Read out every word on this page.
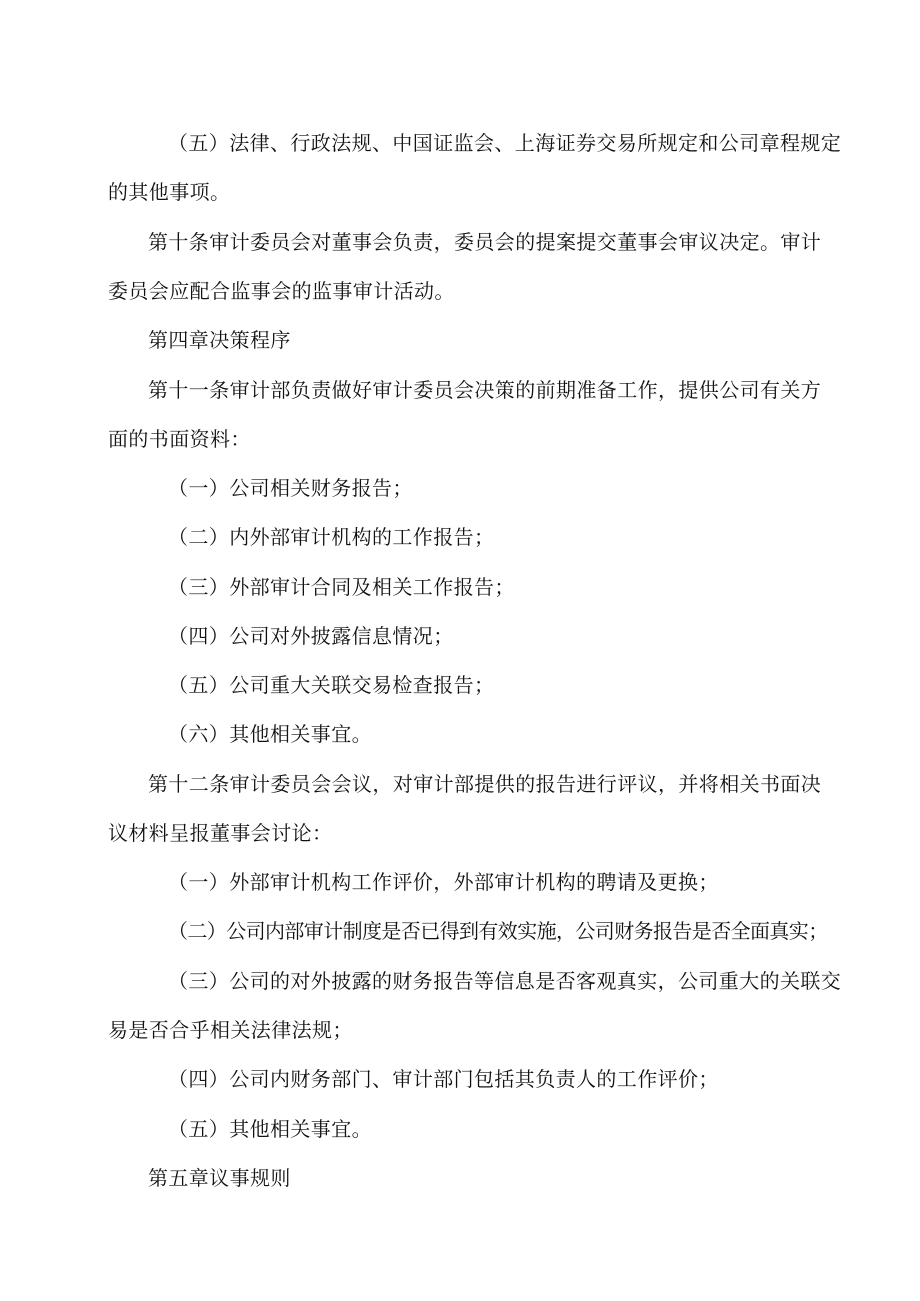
（五）法律、行政法规、中国证监会、上海证券交易所规定和公司章程规定
的其他事项。
第十条审计委员会对董事会负责，委员会的提案提交董事会审议决定。审计
委员会应配合监事会的监事审计活动。
第四章决策程序
第十一条审计部负责做好审计委员会决策的前期准备工作，提供公司有关方
面的书面资料：
（一）公司相关财务报告；
（二）内外部审计机构的工作报告；
（三）外部审计合同及相关工作报告；
（四）公司对外披露信息情况；
（五）公司重大关联交易检查报告；
（六）其他相关事宜。
第十二条审计委员会会议，对审计部提供的报告进行评议，并将相关书面决
议材料呈报董事会讨论：
（一）外部审计机构工作评价，外部审计机构的聘请及更换；
（二）公司内部审计制度是否已得到有效实施，公司财务报告是否全面真实；
（三）公司的对外披露的财务报告等信息是否客观真实，公司重大的关联交
易是否合乎相关法律法规；
（四）公司内财务部门、审计部门包括其负责人的工作评价；
（五）其他相关事宜。
第五章议事规则
